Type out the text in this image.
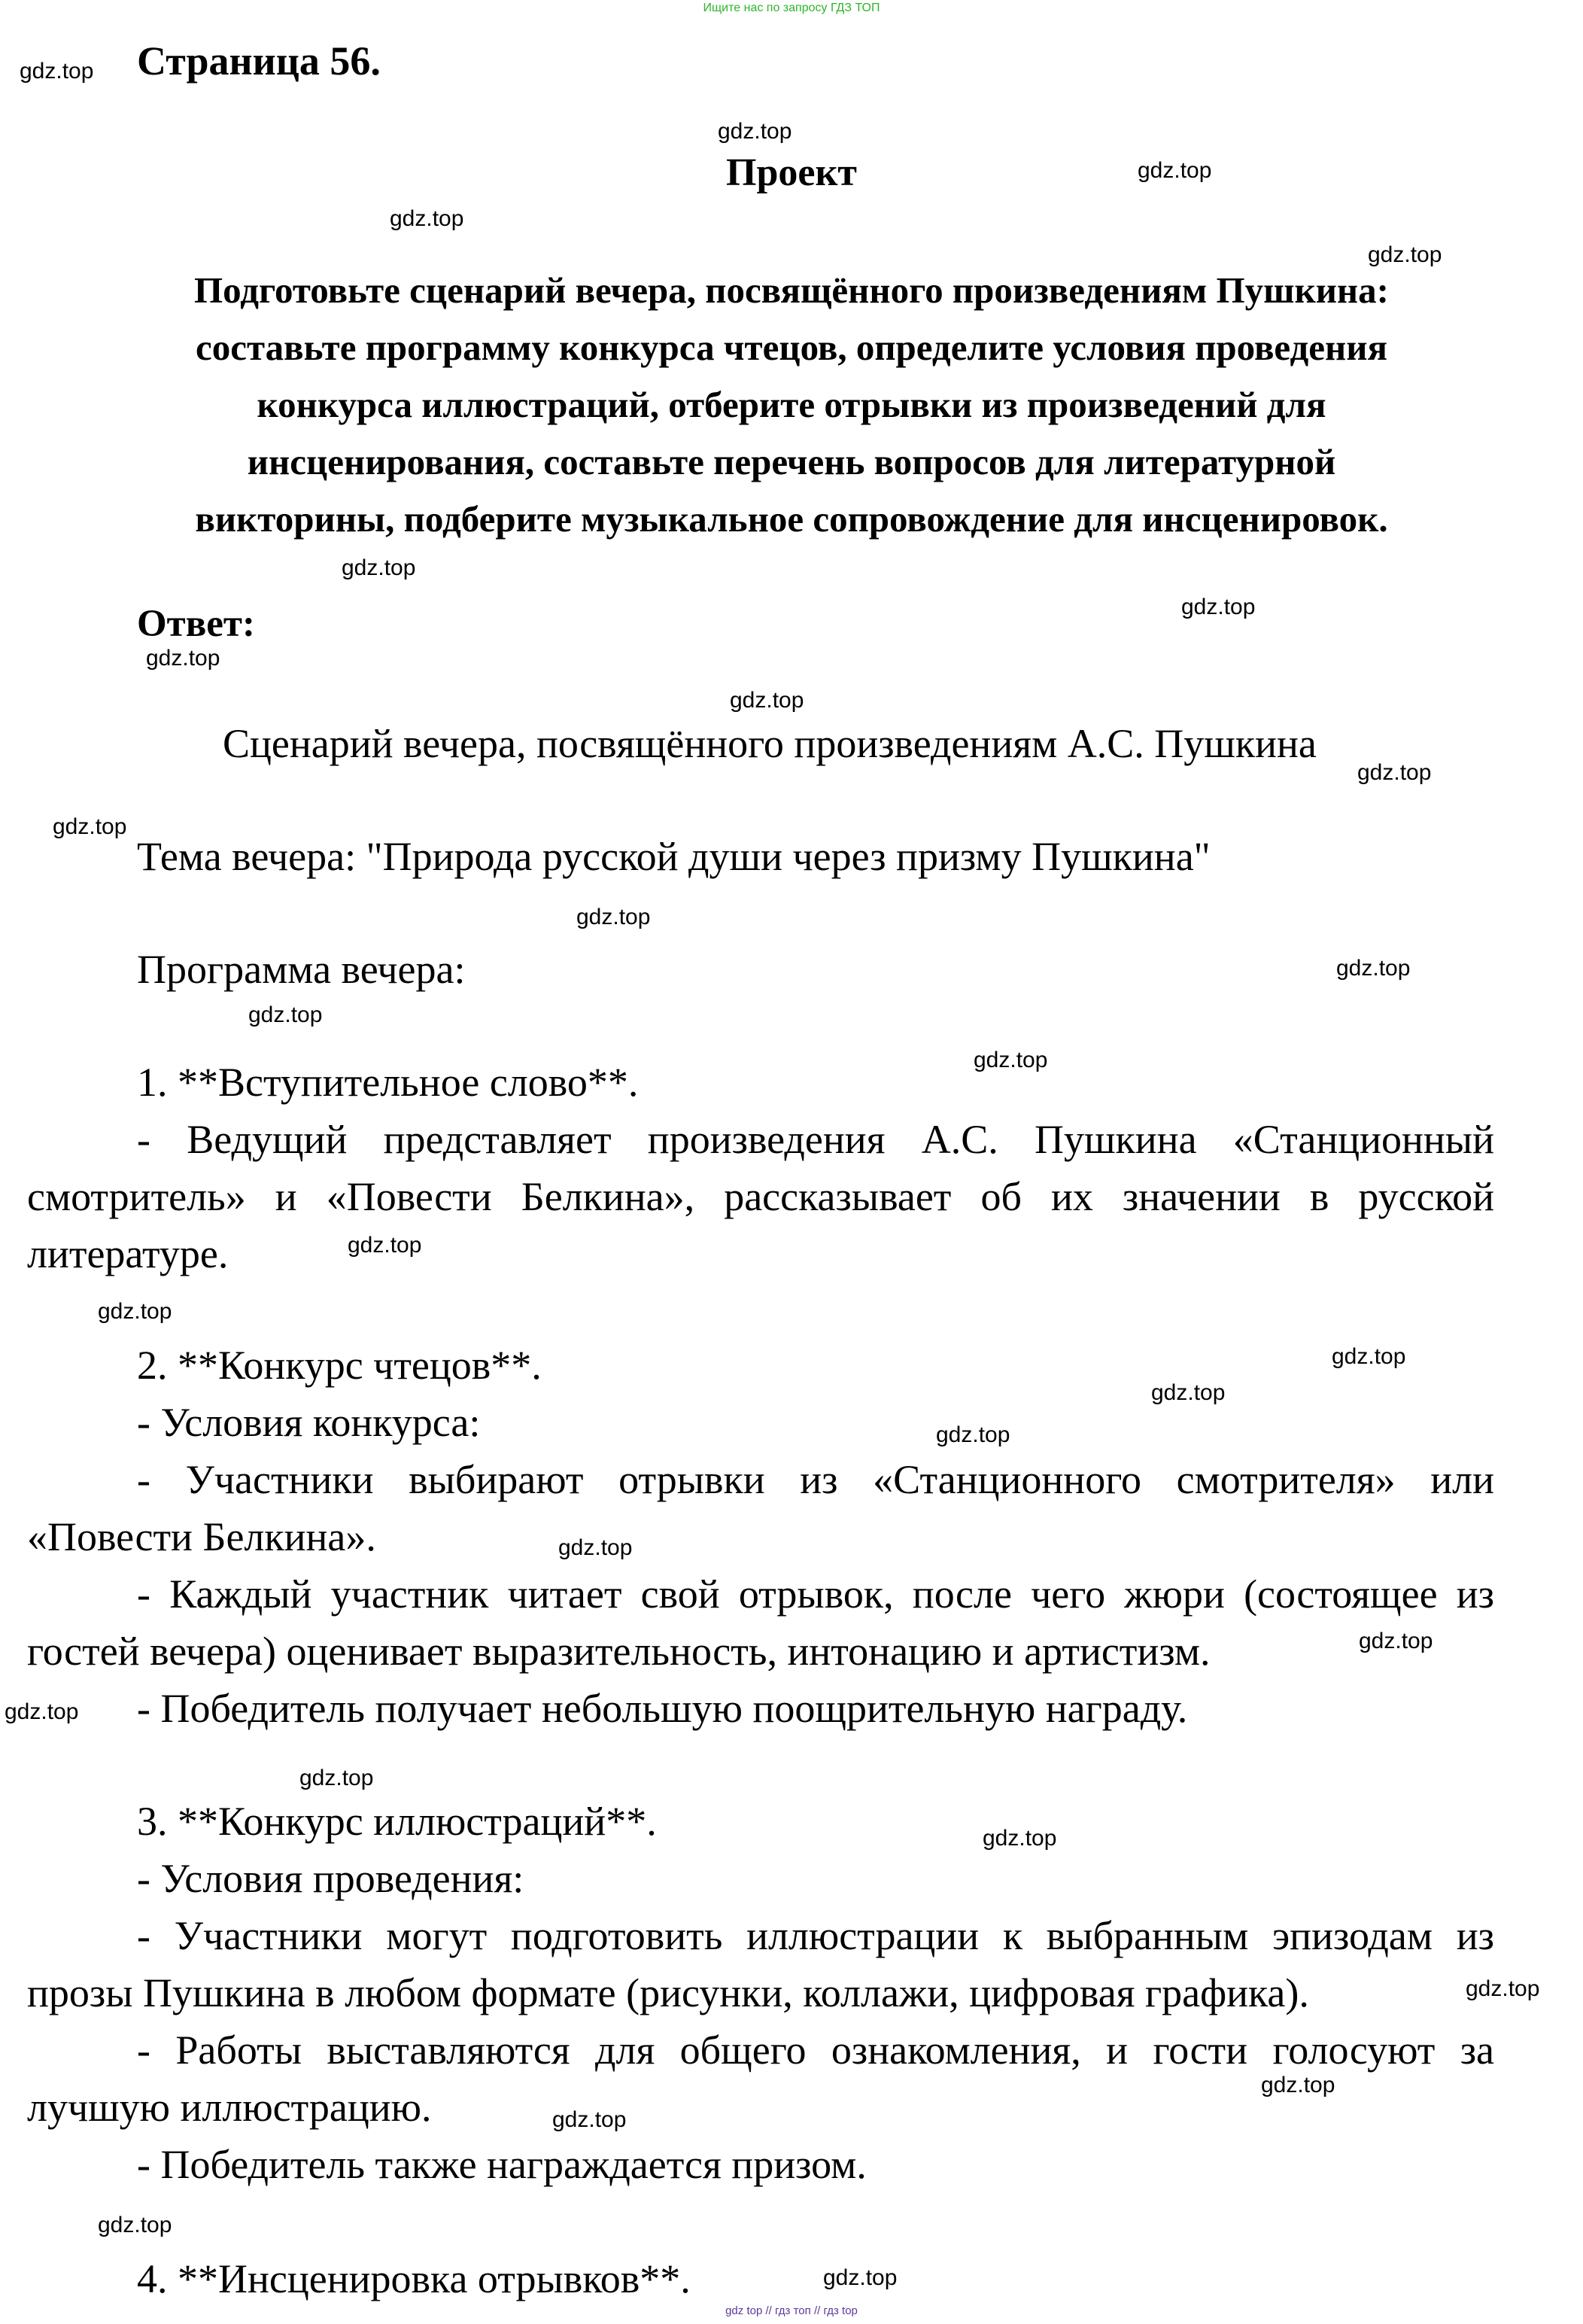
Ищите нас по запросу ГДЗ ТОП
Страница 56.
Проект
Подготовьте сценарий вечера, посвящённого произведениям Пушкина:
составьте программу конкурса чтецов, определите условия проведения
конкурса иллюстраций, отберите отрывки из произведений для
инсценирования, составьте перечень вопросов для литературной
викторины, подберите музыкальное сопровождение для инсценировок.
Ответ:
Сценарий вечера, посвящённого произведениям А.С. Пушкина
Тема вечера: "Природа русской души через призму Пушкина"
Программа вечера:
1. **Вступительное слово**.
- Ведущий представляет произведения А.С. Пушкина «Станционный смотритель» и «Повести Белкина», рассказывает об их значении в русской литературе.
2. **Конкурс чтецов**.
- Условия конкурса:
- Участники выбирают отрывки из «Станционного смотрителя» или «Повести Белкина».
- Каждый участник читает свой отрывок, после чего жюри (состоящее из гостей вечера) оценивает выразительность, интонацию и артистизм.
- Победитель получает небольшую поощрительную награду.
3. **Конкурс иллюстраций**.
- Условия проведения:
- Участники могут подготовить иллюстрации к выбранным эпизодам из прозы Пушкина в любом формате (рисунки, коллажи, цифровая графика).
- Работы выставляются для общего ознакомления, и гости голосуют за лучшую иллюстрацию.
- Победитель также награждается призом.
4. **Инсценировка отрывков**.
gdz.top
gdz.top
gdz.top
gdz.top
gdz.top
gdz.top
gdz.top
gdz.top
gdz.top
gdz.top
gdz.top
gdz.top
gdz.top
gdz.top
gdz.top
gdz.top
gdz.top
gdz.top
gdz.top
gdz.top
gdz.top
gdz.top
gdz.top
gdz.top
gdz.top
gdz.top
gdz.top
gdz.top
gdz.top
gdz.top
gdz top // гдз топ // гдз top
